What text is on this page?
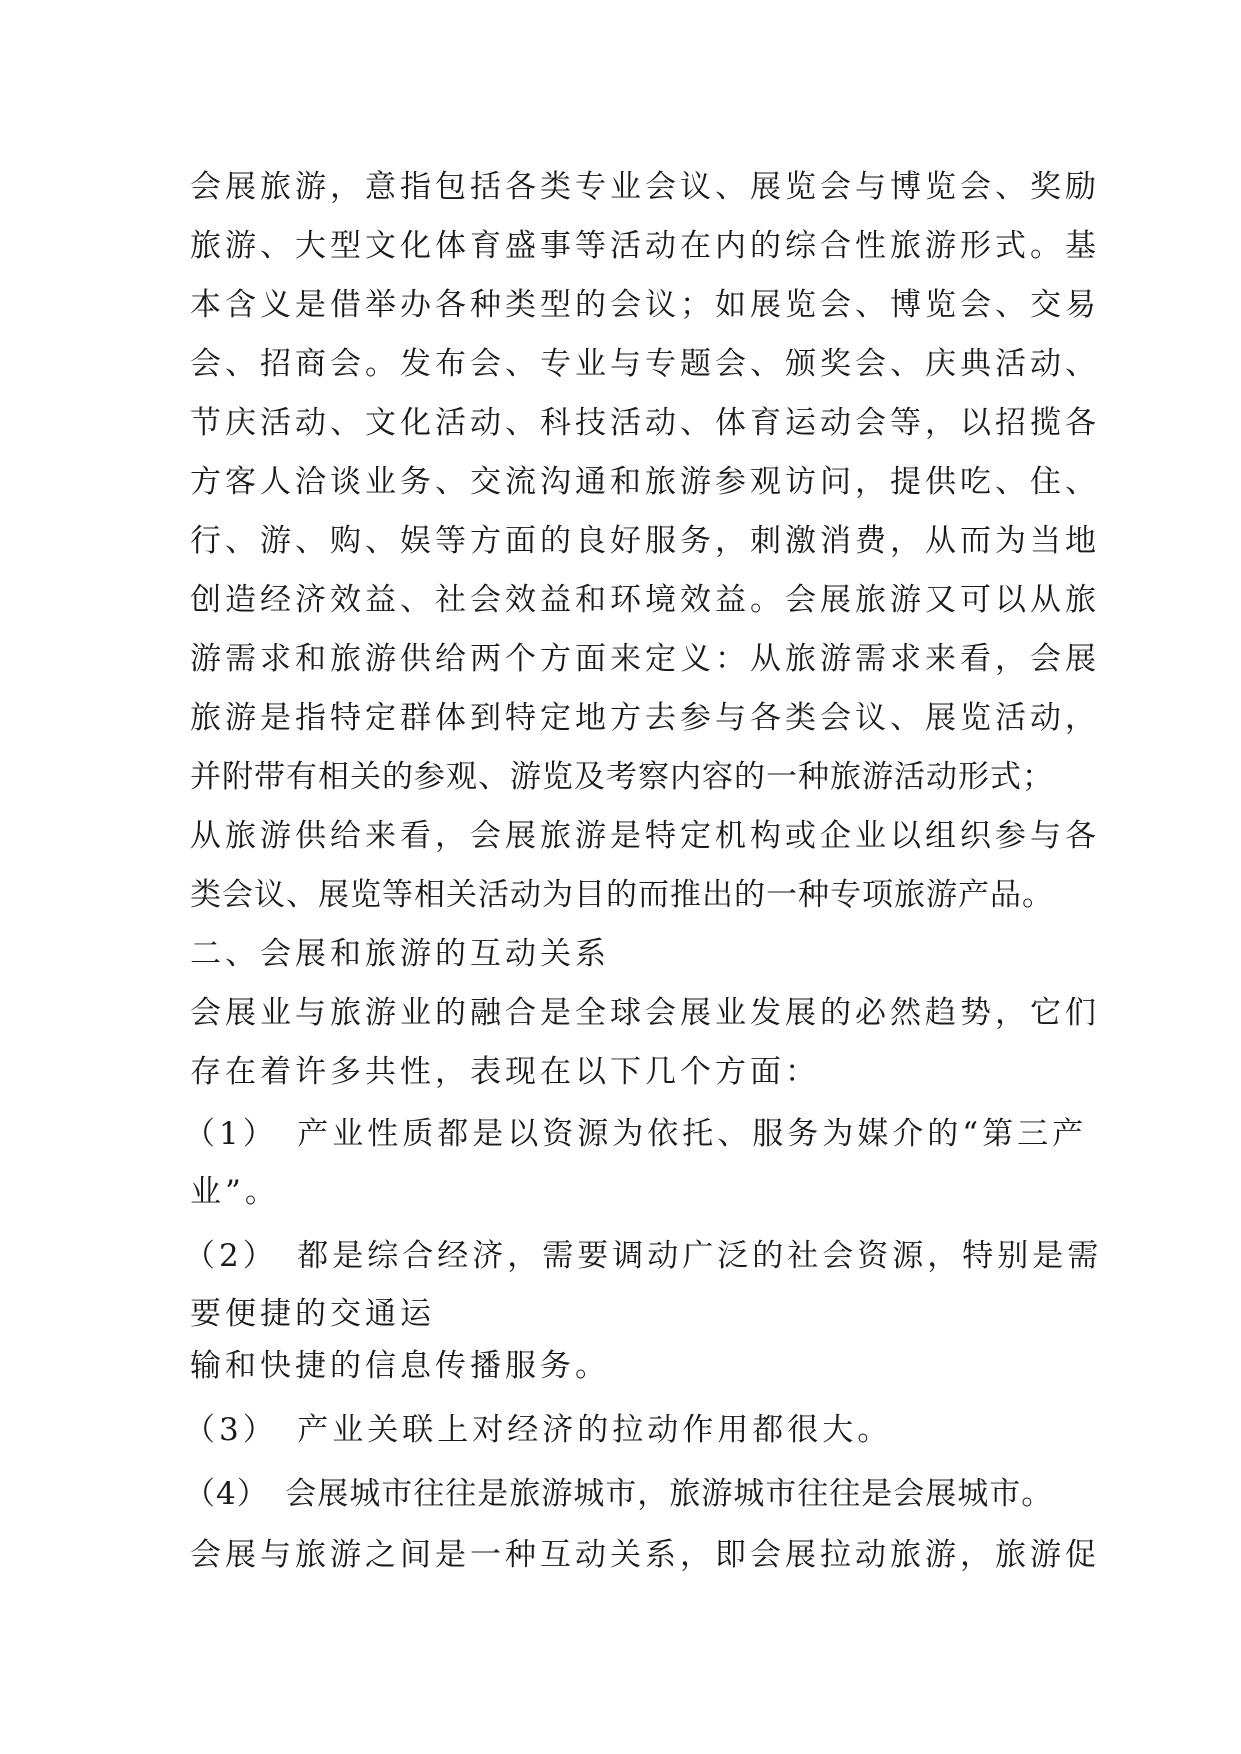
会展旅游，意指包括各类专业会议、展览会与博览会、奖励
旅游、大型文化体育盛事等活动在内的综合性旅游形式。基
本含义是借举办各种类型的会议；如展览会、博览会、交易
会、招商会。发布会、专业与专题会、颁奖会、庆典活动、
节庆活动、文化活动、科技活动、体育运动会等，以招揽各
方客人洽谈业务、交流沟通和旅游参观访问，提供吃、住、
行、游、购、娱等方面的良好服务，刺激消费，从而为当地
创造经济效益、社会效益和环境效益。会展旅游又可以从旅
游需求和旅游供给两个方面来定义：从旅游需求来看，会展
旅游是指特定群体到特定地方去参与各类会议、展览活动，
并附带有相关的参观、游览及考察内容的一种旅游活动形式；
从旅游供给来看，会展旅游是特定机构或企业以组织参与各
类会议、展览等相关活动为目的而推出的一种专项旅游产品。
二、会展和旅游的互动关系
会展业与旅游业的融合是全球会展业发展的必然趋势，它们
存在着许多共性，表现在以下几个方面：
（1）　产业性质都是以资源为依托、服务为媒介的“第三产
业”。
（2）　都是综合经济，需要调动广泛的社会资源，特别是需
要便捷的交通运
输和快捷的信息传播服务。
（3）　产业关联上对经济的拉动作用都很大。
（4）　会展城市往往是旅游城市，旅游城市往往是会展城市。
会展与旅游之间是一种互动关系，即会展拉动旅游，旅游促
